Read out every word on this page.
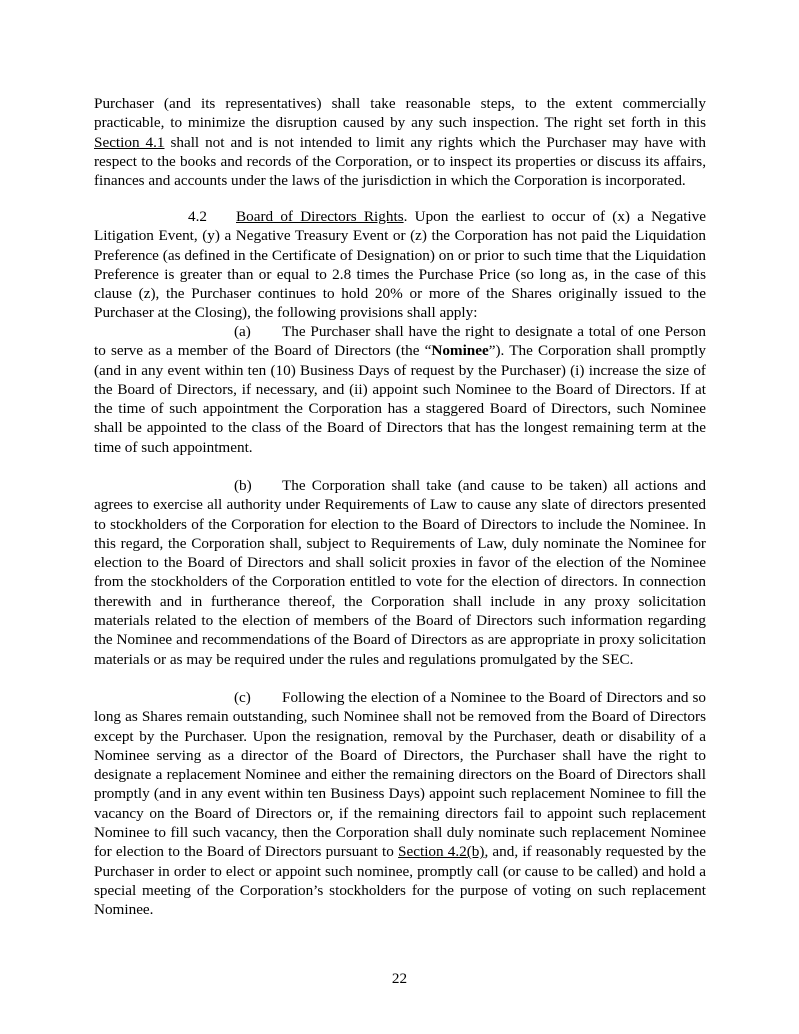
Purchaser (and its representatives) shall take reasonable steps, to the extent commercially practicable, to minimize the disruption caused by any such inspection. The right set forth in this Section 4.1 shall not and is not intended to limit any rights which the Purchaser may have with respect to the books and records of the Corporation, or to inspect its properties or discuss its affairs, finances and accounts under the laws of the jurisdiction in which the Corporation is incorporated.

4.2 Board of Directors Rights. Upon the earliest to occur of (x) a Negative Litigation Event, (y) a Negative Treasury Event or (z) the Corporation has not paid the Liquidation Preference (as defined in the Certificate of Designation) on or prior to such time that the Liquidation Preference is greater than or equal to 2.8 times the Purchase Price (so long as, in the case of this clause (z), the Purchaser continues to hold 20% or more of the Shares originally issued to the Purchaser at the Closing), the following provisions shall apply:

(a) The Purchaser shall have the right to designate a total of one Person to serve as a member of the Board of Directors (the “Nominee”). The Corporation shall promptly (and in any event within ten (10) Business Days of request by the Purchaser) (i) increase the size of the Board of Directors, if necessary, and (ii) appoint such Nominee to the Board of Directors. If at the time of such appointment the Corporation has a staggered Board of Directors, such Nominee shall be appointed to the class of the Board of Directors that has the longest remaining term at the time of such appointment.

(b) The Corporation shall take (and cause to be taken) all actions and agrees to exercise all authority under Requirements of Law to cause any slate of directors presented to stockholders of the Corporation for election to the Board of Directors to include the Nominee. In this regard, the Corporation shall, subject to Requirements of Law, duly nominate the Nominee for election to the Board of Directors and shall solicit proxies in favor of the election of the Nominee from the stockholders of the Corporation entitled to vote for the election of directors. In connection therewith and in furtherance thereof, the Corporation shall include in any proxy solicitation materials related to the election of members of the Board of Directors such information regarding the Nominee and recommendations of the Board of Directors as are appropriate in proxy solicitation materials or as may be required under the rules and regulations promulgated by the SEC.

(c) Following the election of a Nominee to the Board of Directors and so long as Shares remain outstanding, such Nominee shall not be removed from the Board of Directors except by the Purchaser. Upon the resignation, removal by the Purchaser, death or disability of a Nominee serving as a director of the Board of Directors, the Purchaser shall have the right to designate a replacement Nominee and either the remaining directors on the Board of Directors shall promptly (and in any event within ten Business Days) appoint such replacement Nominee to fill the vacancy on the Board of Directors or, if the remaining directors fail to appoint such replacement Nominee to fill such vacancy, then the Corporation shall duly nominate such replacement Nominee for election to the Board of Directors pursuant to Section 4.2(b), and, if reasonably requested by the Purchaser in order to elect or appoint such nominee, promptly call (or cause to be called) and hold a special meeting of the Corporation’s stockholders for the purpose of voting on such replacement Nominee.

22
